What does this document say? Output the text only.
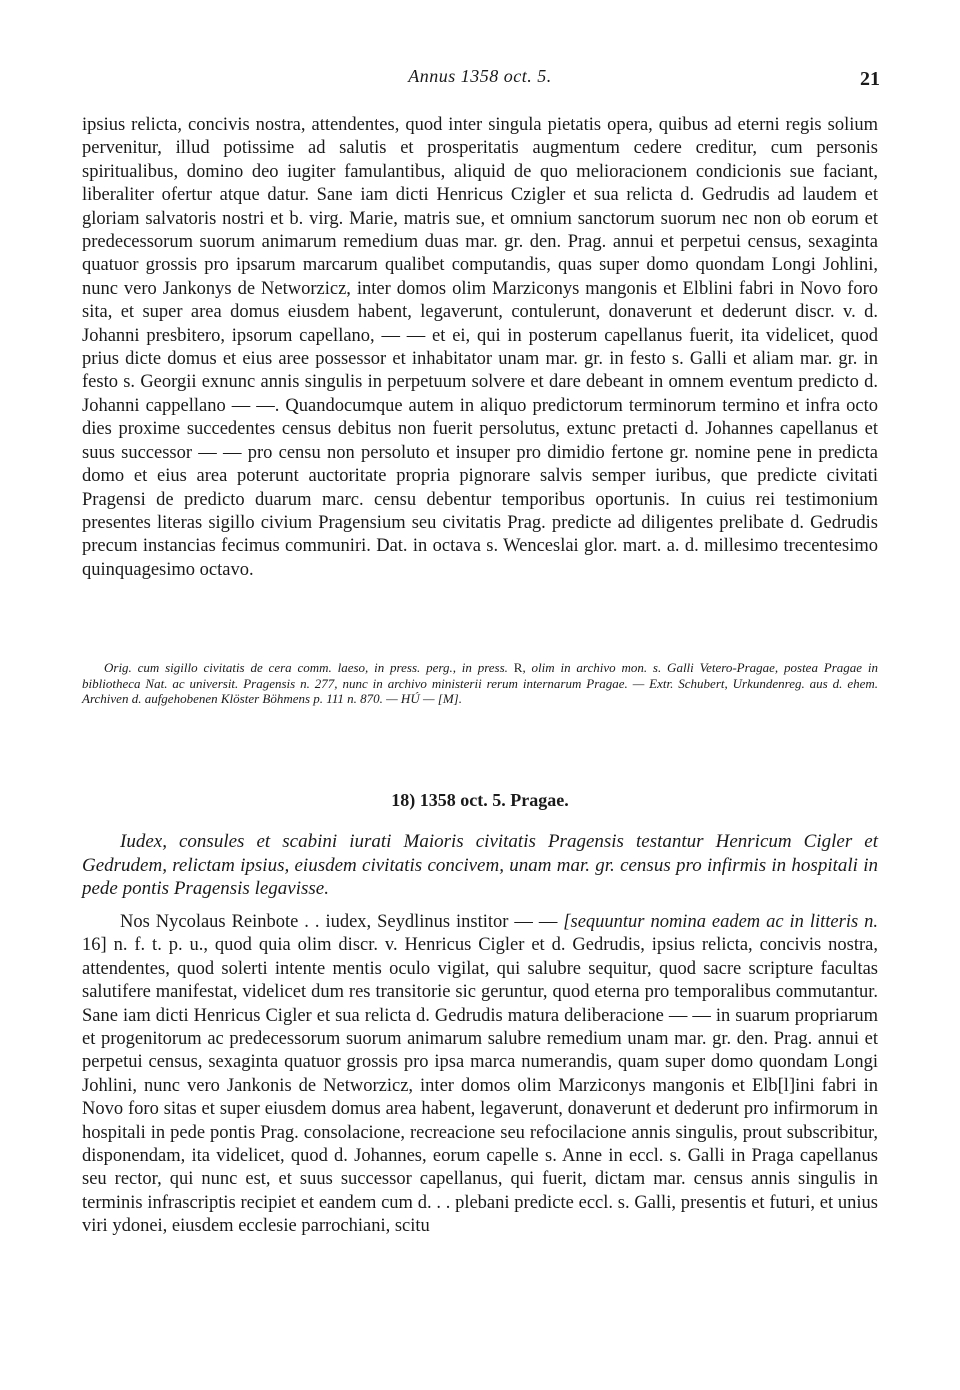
Annus 1358 oct. 5.	21

ipsius relicta, concivis nostra, attendentes, quod inter singula pietatis opera, quibus ad eterni regis solium pervenitur, illud potissime ad salutis et prosperitatis augmentum cedere creditur, cum personis spiritualibus, domino deo iugiter famulantibus, aliquid de quo melioracionem condicionis sue faciant, liberaliter ofertur atque datur. Sane iam dicti Henricus Czigler et sua relicta d. Gedrudis ad laudem et gloriam salvatoris nostri et b. virg. Marie, matris sue, et omnium sanctorum suorum nec non ob eorum et predecessorum suorum animarum remedium duas mar. gr. den. Prag. annui et perpetui census, sexaginta quatuor grossis pro ipsarum marcarum qualibet computandis, quas super domo quondam Longi Johlini, nunc vero Jankonys de Networzicz, inter domos olim Marziconys mangonis et Elblini fabri in Novo foro sita, et super area domus eiusdem habent, legaverunt, contulerunt, donaverunt et dederunt discr. v. d. Johanni presbitero, ipsorum capellano, — — et ei, qui in posterum capellanus fuerit, ita videlicet, quod prius dicte domus et eius aree possessor et inhabitator unam mar. gr. in festo s. Galli et aliam mar. gr. in festo s. Georgii exnunc annis singulis in perpetuum solvere et dare debeant in omnem eventum predicto d. Johanni cappellano — —. Quandocumque autem in aliquo predictorum terminorum termino et infra octo dies proxime succedentes census debitus non fuerit persolutus, extunc pretacti d. Johannes capellanus et suus successor — — pro censu non persoluto et insuper pro dimidio fertone gr. nomine pene in predicta domo et eius area poterunt auctoritate propria pignorare salvis semper iuribus, que predicte civitati Pragensi de predicto duarum marc. censu debentur temporibus oportunis. In cuius rei testimonium presentes literas sigillo civium Pragensium seu civitatis Prag. predicte ad diligentes prelibate d. Gedrudis precum instancias fecimus communiri. Dat. in octava s. Wenceslai glor. mart. a. d. millesimo trecentesimo quinquagesimo octavo.

Orig. cum sigillo civitatis de cera comm. laeso, in press. perg., in press. R, olim in archivo mon. s. Galli Vetero-Pragae, postea Pragae in bibliotheca Nat. ac universit. Pragensis n. 277, nunc in archivo ministerii rerum internarum Pragae. — Extr. Schubert, Urkundenreg. aus d. ehem. Archiven d. aufgehobenen Klöster Böhmens p. 111 n. 870. — HÚ — [M].

18) 1358 oct. 5. Pragae.

Iudex, consules et scabini iurati Maioris civitatis Pragensis testantur Henricum Cigler et Gedrudem, relictam ipsius, eiusdem civitatis concivem, unam mar. gr. census pro infirmis in hospitali in pede pontis Pragensis legavisse.

Nos Nycolaus Reinbote . . iudex, Seydlinus institor — — [sequuntur nomina eadem ac in litteris n. 16] n. f. t. p. u., quod quia olim discr. v. Henricus Cigler et d. Gedrudis, ipsius relicta, concivis nostra, attendentes, quod solerti intente mentis oculo vigilat, qui salubre sequitur, quod sacre scripture facultas salutifere manifestat, videlicet dum res transitorie sic geruntur, quod eterna pro temporalibus commutantur. Sane iam dicti Henricus Cigler et sua relicta d. Gedrudis matura deliberacione — — in suarum propriarum et progenitorum ac predecessorum suorum animarum salubre remedium unam mar. gr. den. Prag. annui et perpetui census, sexaginta quatuor grossis pro ipsa marca numerandis, quam super domo quondam Longi Johlini, nunc vero Jankonis de Networzicz, inter domos olim Marziconys mangonis et Elb[l]ini fabri in Novo foro sitas et super eiusdem domus area habent, legaverunt, donaverunt et dederunt pro infirmorum in hospitali in pede pontis Prag. consolacione, recreacione seu refocilacione annis singulis, prout subscribitur, disponendam, ita videlicet, quod d. Johannes, eorum capelle s. Anne in eccl. s. Galli in Praga capellanus seu rector, qui nunc est, et suus successor capellanus, qui fuerit, dictam mar. census annis singulis in terminis infrascriptis recipiet et eandem cum d. . . plebani predicte eccl. s. Galli, presentis et futuri, et unius viri ydonei, eiusdem ecclesie parrochiani, scitu
